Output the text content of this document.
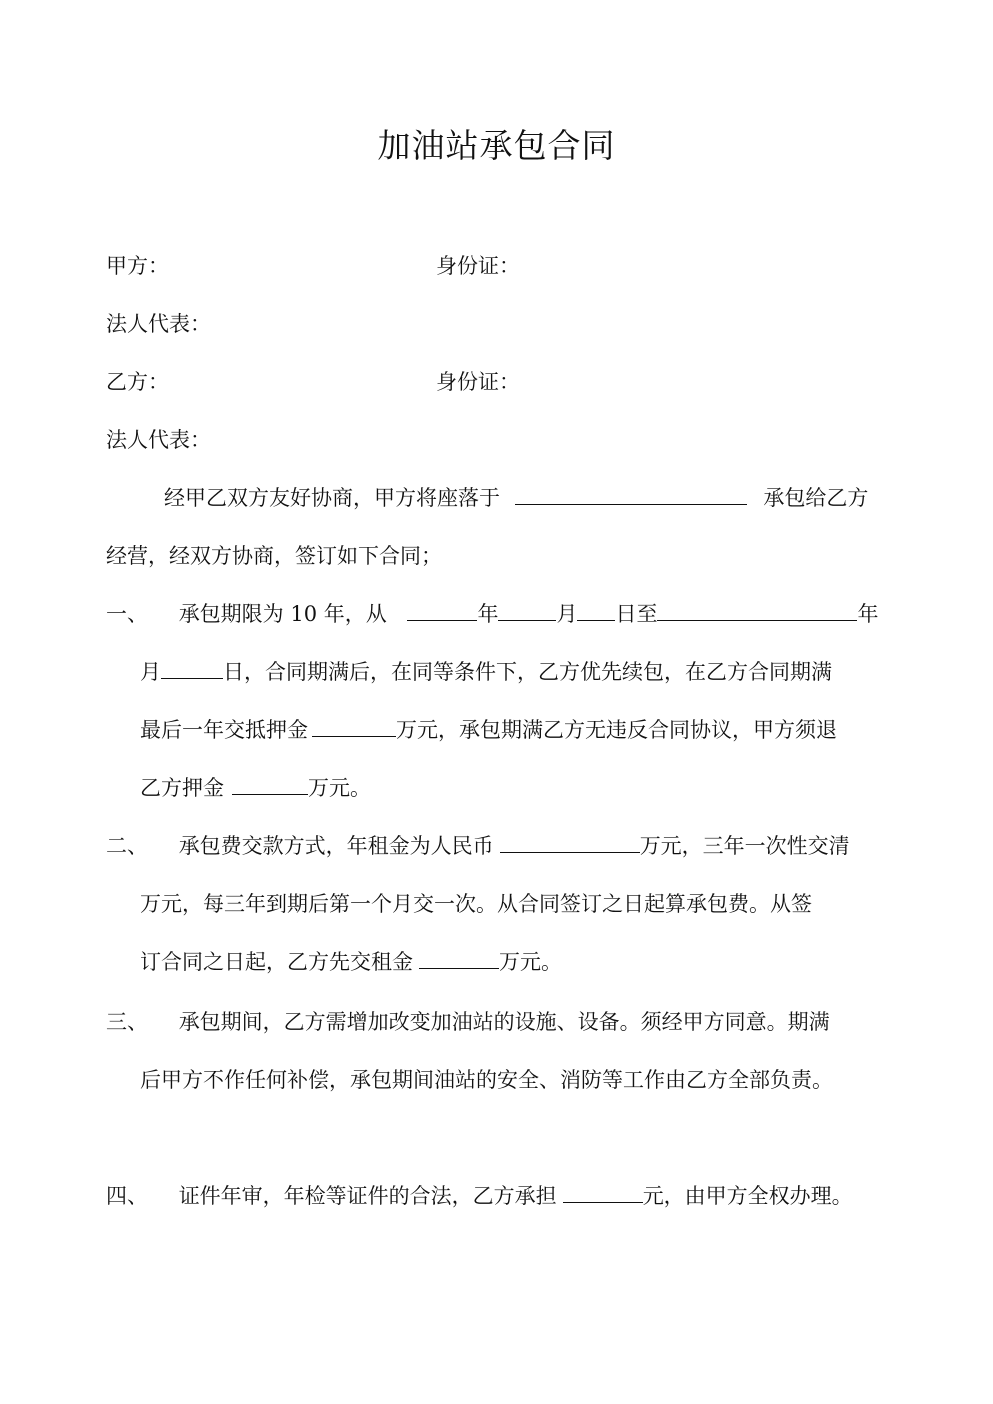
加油站承包合同
甲方：	身份证：
法人代表：
乙方：	身份证：
法人代表：
经甲乙双方友好协商，甲方将座落于	承包给乙方
经营，经双方协商，签订如下合同；
一、 承包期限为 10 年，从	年	月 日至	年
月	日，合同期满后，在同等条件下，乙方优先续包，在乙方合同期满
最后一年交抵押金	万元，承包期满乙方无违反合同协议，甲方须退
乙方押金	万元。
二、 承包费交款方式，年租金为人民币	万元，三年一次性交清
万元，每三年到期后第一个月交一次。从合同签订之日起算承包费。从签
订合同之日起，乙方先交租金	万元。
三、 承包期间，乙方需增加改变加油站的设施、设备。须经甲方同意。期满
后甲方不作任何补偿，承包期间油站的安全、消防等工作由乙方全部负责。
四、 证件年审，年检等证件的合法，乙方承担	元，由甲方全权办理。
